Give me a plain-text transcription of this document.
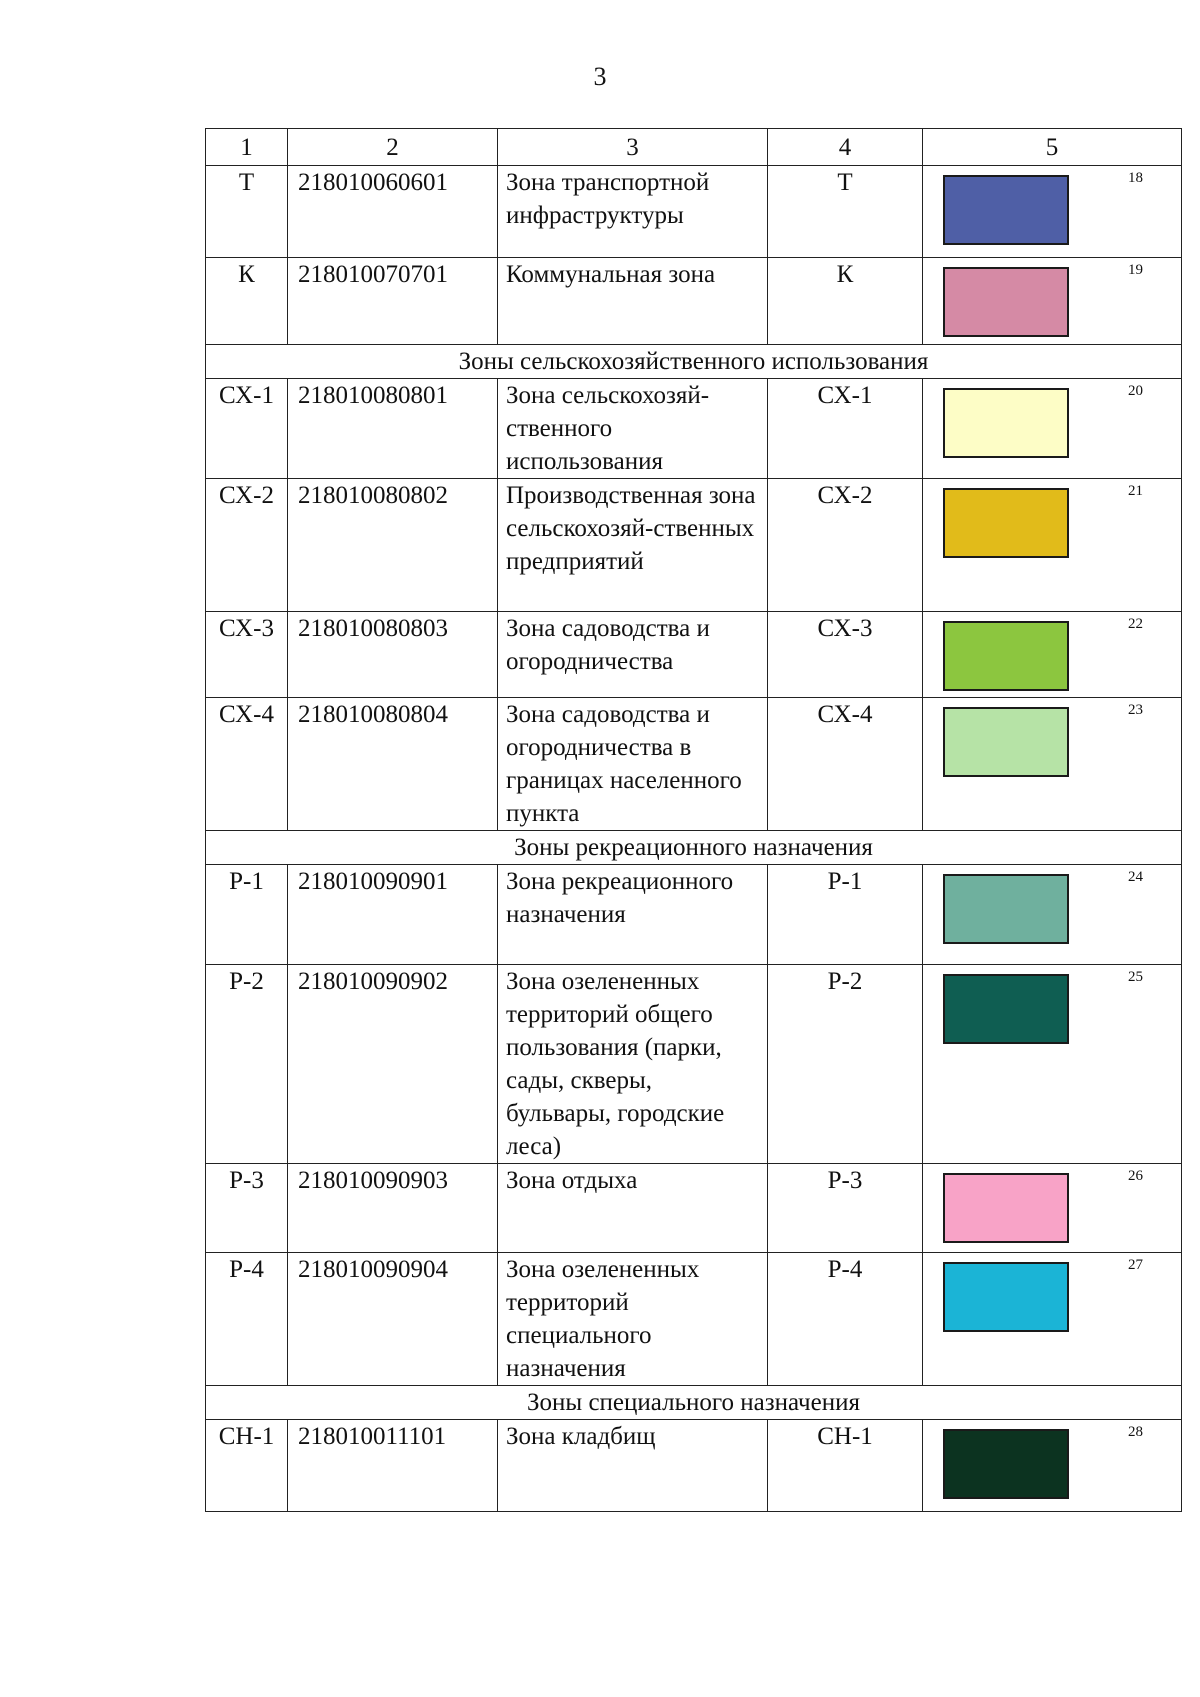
3
1	2	3	4	5
Т	218010060601	Зона транспортной инфраструктуры	Т	18

К	218010070701	Коммунальная зона	К	19

Зоны сельскохозяйственного использования				
СХ-1	218010080801	Зона сельскохозяй-ственного использования	СХ-1	20

СХ-2	218010080802	Производственная зона сельскохозяй-ственных предприятий	СХ-2	21

СХ-3	218010080803	Зона садоводства и огородничества	СХ-3	22

СХ-4	218010080804	Зона садоводства и огородничества в границах населенного пункта	СХ-4	23

Зоны рекреационного назначения				
Р-1	218010090901	Зона рекреационного назначения	Р-1	24

Р-2	218010090902	Зона озелененных территорий общего пользования (парки, сады, скверы, бульвары, городские леса)	Р-2	25

Р-3	218010090903	Зона отдыха	Р-3	26

Р-4	218010090904	Зона озелененных территорий специального назначения	Р-4	27

Зоны специального назначения				
СН-1	218010011101	Зона кладбищ	СН-1	28
